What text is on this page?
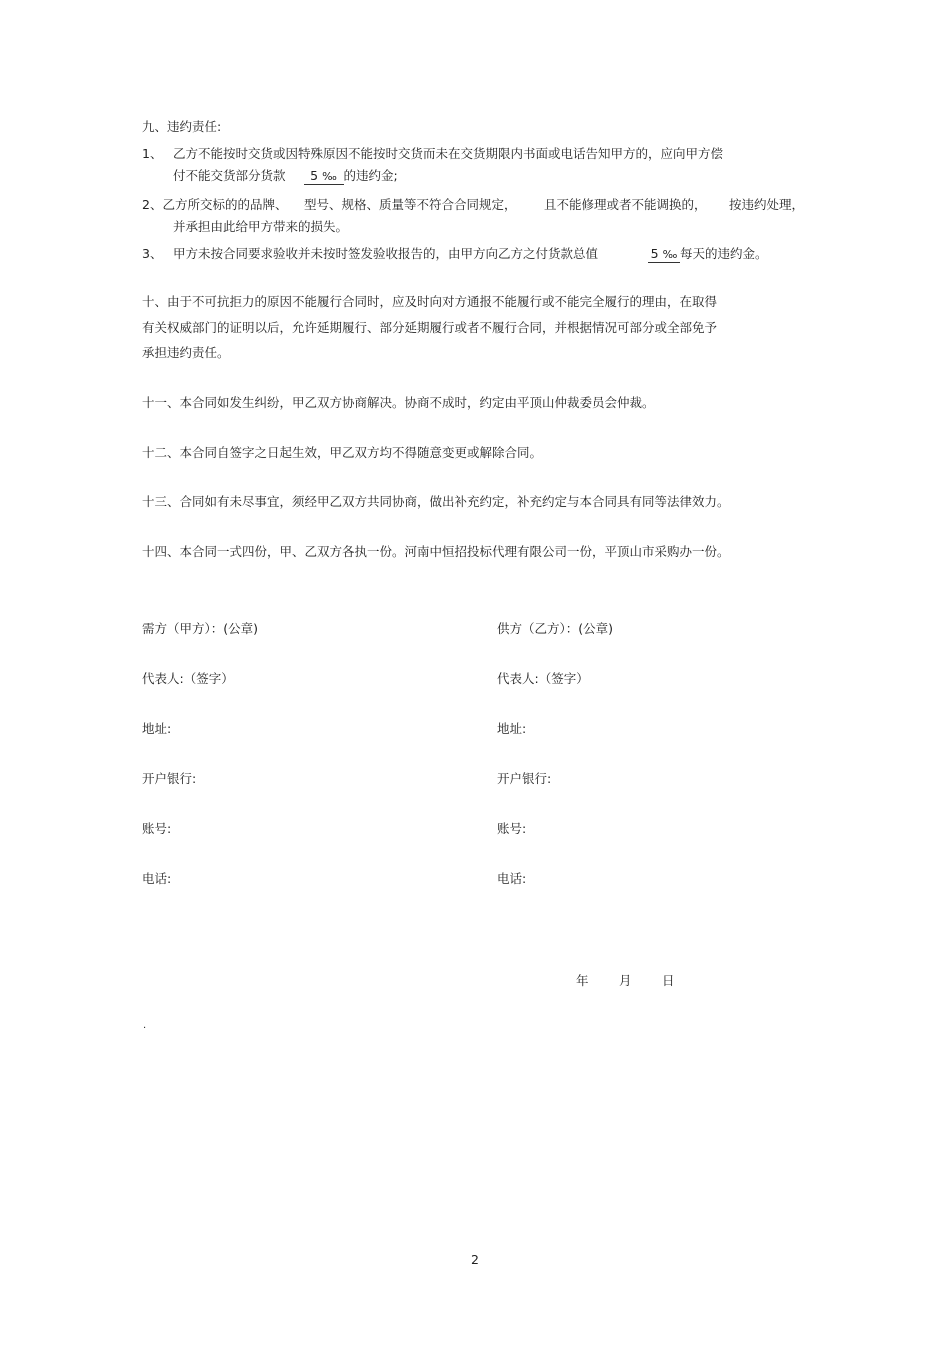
九、违约责任:
1、 乙方不能按时交货或因特殊原因不能按时交货而未在交货期限内书面或电话告知甲方的，应向甲方偿
付不能交货部分货款 5 ‰ 的违约金;
2、乙方所交标的的品牌、 型号、规格、质量等不符合合同规定， 且不能修理或者不能调换的， 按违约处理，
并承担由此给甲方带来的损失。
3、 甲方未按合同要求验收并未按时签发验收报告的，由甲方向乙方之付货款总值	5 ‰ 每天的违约金。
十、由于不可抗拒力的原因不能履行合同时，应及时向对方通报不能履行或不能完全履行的理由，在取得
有关权威部门的证明以后，允许延期履行、部分延期履行或者不履行合同，并根据情况可部分或全部免予
承担违约责任。
十一、本合同如发生纠纷，甲乙双方协商解决。协商不成时，约定由平顶山仲裁委员会仲裁。
十二、本合同自签字之日起生效，甲乙双方均不得随意变更或解除合同。
十三、合同如有未尽事宜，须经甲乙双方共同协商，做出补充约定，补充约定与本合同具有同等法律效力。
十四、本合同一式四份，甲、乙双方各执一份。河南中恒招投标代理有限公司一份，平顶山市采购办一份。
需方（甲方）：(公章)
代表人:（签字）
地址:
开户银行:
账号:
电话:
供方（乙方）：(公章)
代表人:（签字）
地址:
开户银行:
账号:
电话:
年 月 日
.
2
